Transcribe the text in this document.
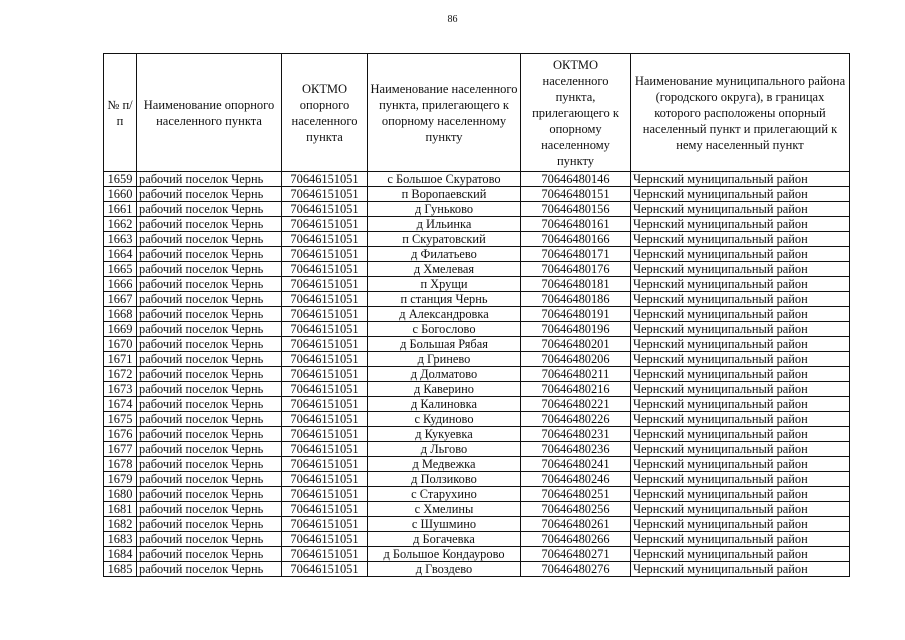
86
№ п/п	Наименование опорного населенного пункта	ОКТМО опорного населенного пункта	Наименование населенного пункта, прилегающего к опорному населенному пункту	ОКТМО населенного пункта, прилегающего к опорному населенному пункту	Наименование муниципального района (городского округа), в границах которого расположены опорный населенный пункт и прилегающий к нему населенный пункт
1659	рабочий поселок Чернь	70646151051	с Большое Скуратово	70646480146	Чернский муниципальный район
1660	рабочий поселок Чернь	70646151051	п Воропаевский	70646480151	Чернский муниципальный район
1661	рабочий поселок Чернь	70646151051	д Гуньково	70646480156	Чернский муниципальный район
1662	рабочий поселок Чернь	70646151051	д Ильинка	70646480161	Чернский муниципальный район
1663	рабочий поселок Чернь	70646151051	п Скуратовский	70646480166	Чернский муниципальный район
1664	рабочий поселок Чернь	70646151051	д Филатьево	70646480171	Чернский муниципальный район
1665	рабочий поселок Чернь	70646151051	д Хмелевая	70646480176	Чернский муниципальный район
1666	рабочий поселок Чернь	70646151051	п Хрущи	70646480181	Чернский муниципальный район
1667	рабочий поселок Чернь	70646151051	п станция Чернь	70646480186	Чернский муниципальный район
1668	рабочий поселок Чернь	70646151051	д Александровка	70646480191	Чернский муниципальный район
1669	рабочий поселок Чернь	70646151051	с Богослово	70646480196	Чернский муниципальный район
1670	рабочий поселок Чернь	70646151051	д Большая Рябая	70646480201	Чернский муниципальный район
1671	рабочий поселок Чернь	70646151051	д Гринево	70646480206	Чернский муниципальный район
1672	рабочий поселок Чернь	70646151051	д Долматово	70646480211	Чернский муниципальный район
1673	рабочий поселок Чернь	70646151051	д Каверино	70646480216	Чернский муниципальный район
1674	рабочий поселок Чернь	70646151051	д Калиновка	70646480221	Чернский муниципальный район
1675	рабочий поселок Чернь	70646151051	с Кудиново	70646480226	Чернский муниципальный район
1676	рабочий поселок Чернь	70646151051	д Кукуевка	70646480231	Чернский муниципальный район
1677	рабочий поселок Чернь	70646151051	д Льгово	70646480236	Чернский муниципальный район
1678	рабочий поселок Чернь	70646151051	д Медвежка	70646480241	Чернский муниципальный район
1679	рабочий поселок Чернь	70646151051	д Ползиково	70646480246	Чернский муниципальный район
1680	рабочий поселок Чернь	70646151051	с Старухино	70646480251	Чернский муниципальный район
1681	рабочий поселок Чернь	70646151051	с Хмелины	70646480256	Чернский муниципальный район
1682	рабочий поселок Чернь	70646151051	с Шушмино	70646480261	Чернский муниципальный район
1683	рабочий поселок Чернь	70646151051	д Богачевка	70646480266	Чернский муниципальный район
1684	рабочий поселок Чернь	70646151051	д Большое Кондаурово	70646480271	Чернский муниципальный район
1685	рабочий поселок Чернь	70646151051	д Гвоздево	70646480276	Чернский муниципальный район
